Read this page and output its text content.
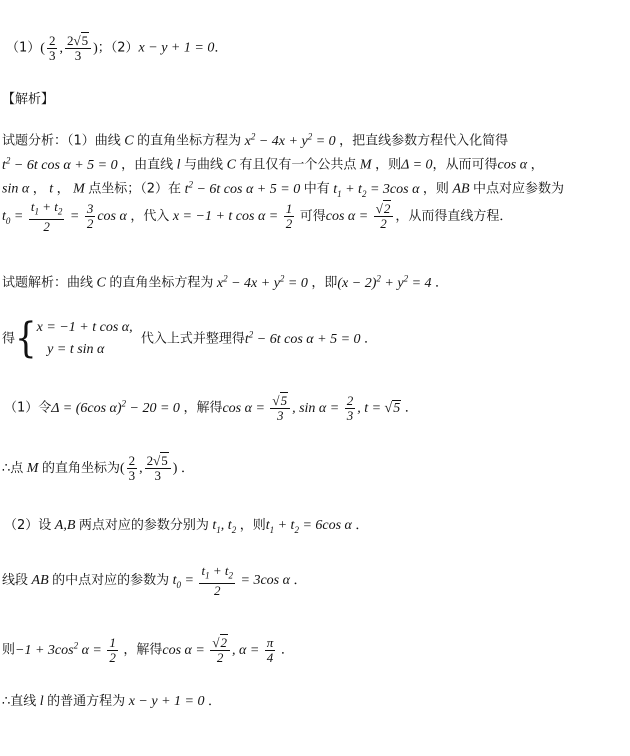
$(1)( \frac{2}{3}$ , $\frac{2√5}{3}$ )；（2）x − y + 1 = 0．
【解析】
试题分析：（1）曲线 C 的直角坐标方程为 $x^2 - 4x + y^2 = 0$ ，把直线参数方程代入化简得
$t^2 - 6t$ cos α + 5 = 0 ，由直线 l 与曲线 C 有且仅有一个公共点 M ，则Δ = 0，从而可得cos α ，
sin α ， t ， M 点坐标；（2）在 $t^2 - 6t$ cos α + 5 = 0 中有 $t_1 + t_2 = 3\cos$ α ，则 AB 中点对应参数为
$t_0 = \frac{t_1 + t_2}{2} = \frac{3}{2}$ cos α ，代入 x = −1 + t $\cos \alpha = \frac{1}{2}$ 可得$\cos \alpha = \frac{√2}{2}$ ，从而得直线方程．
试题解析：曲线 C 的直角坐标方程为 $x^2 - 4x + y^2 = 0$ ，即$(x - 2)^2 + y^2 = 4$ ．
得{x = −1 + t cos α,
y = t sin α  代入上式并整理得$t^2 - 6t$ cos α + 5 = 0 ．
（1）令Δ = (6cos α)$^2$ − 20 = 0 ，解得$\cos \alpha = \frac{√5}{3}$ , $\sin \alpha = \frac{2}{3}$ , t = √5 ．
∴点 M 的直角坐标为( $\frac{2}{3}$ , $\frac{2√5}{3}$ ) ．
（2）设 A,B 两点对应的参数分别为 $t_1$, $t_2$ ，则$t_1 + t_2 = 6\cos$ α ．
线段 AB 的中点对应的参数为 $t_0 = \frac{t_1 + t_2}{2} = 3\cos$ α ．
则$-1 + 3\cos^2$ $\alpha = \frac{1}{2}$ ，解得$\cos \alpha = \frac{√2}{2}$ , $\alpha = \frac{\pi}{4}$ ．
∴直线 l 的普通方程为 x − y + 1 = 0 ．
